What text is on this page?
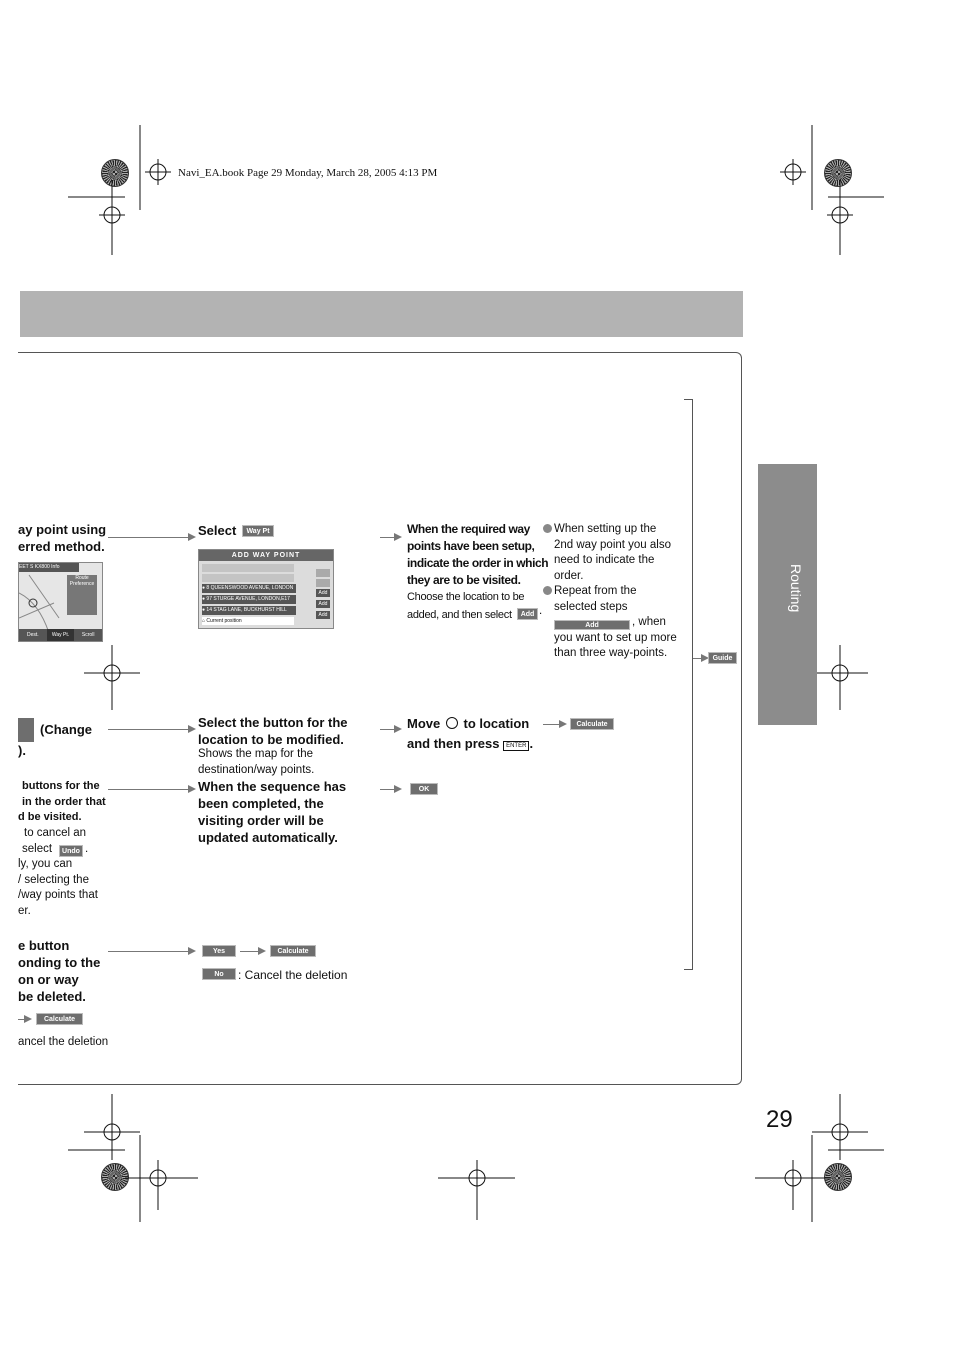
Navi_EA.book Page 29 Monday, March 28, 2005 4:13 PM
Routing
29
Guide
ay point using
erred method.
EET S KX800 Info
Route
Preference
Dest.	Way Pt.	Scroll
(Change
).
buttons for the
in the order that
d be visited.
to cancel an
select
ly, you can
/ selecting the
/way points that
er.
Undo .
e button
onding to the
on or way
be deleted.
Calculate
ancel the deletion
Select	Way Pt
ADD WAY POINT
● 8 QUEENSWOOD AVENUE, LONDON
● 97 STURGE AVENUE, LONDON,E17
● 14 STAG LANE, BUCKHURST HILL
⌂ Current position
Add
Add
Add
Select the button for the
location to be modified.
Shows the map for the
destination/way points.
When the sequence has
been completed, the
visiting order will be
updated automatically.
Yes	Calculate
No	: Cancel the deletion
When the required way
points have been setup,
indicate the order in which
they are to be visited.
Choose the location to be
added, and then select	Add .
When setting up the
2nd way point you also
need to indicate the
order.
Repeat from the
selected steps
, when
you want to set up more
than three way-points.
Add
Move to location
and then press ENTER .
Calculate
OK
